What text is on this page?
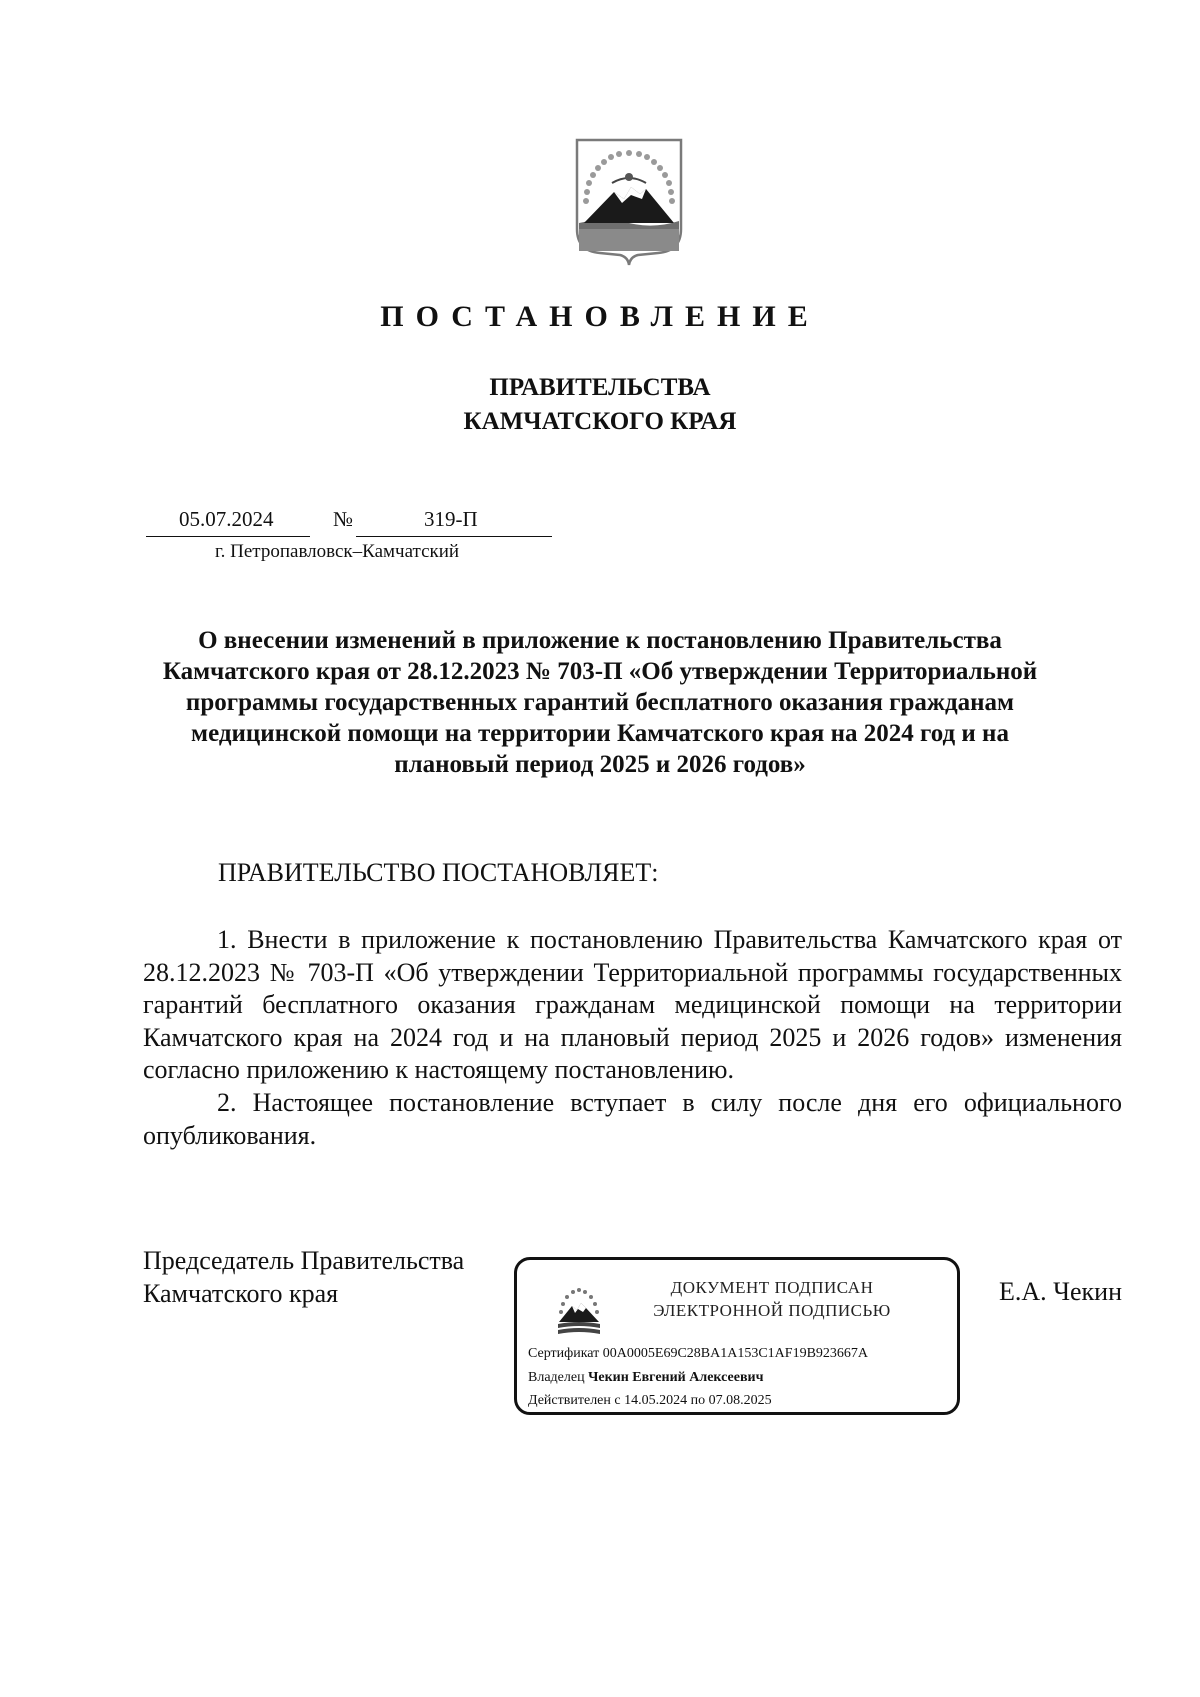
ПОСТАНОВЛЕНИЕ
ПРАВИТЕЛЬСТВА
КАМЧАТСКОГО КРАЯ
05.07.2024	№	319-П
г. Петропавловск–Камчатский

О внесении изменений в приложение к постановлению Правительства Камчатского края от 28.12.2023 № 703-П «Об утверждении Территориальной программы государственных гарантий бесплатного оказания гражданам медицинской помощи на территории Камчатского края на 2024 год и на плановый период 2025 и 2026 годов»

ПРАВИТЕЛЬСТВО ПОСТАНОВЛЯЕТ:

1. Внести в приложение к постановлению Правительства Камчатского края от 28.12.2023 № 703-П «Об утверждении Территориальной программы государственных гарантий бесплатного оказания гражданам медицинской помощи на территории Камчатского края на 2024 год и на плановый период 2025 и 2026 годов» изменения согласно приложению к настоящему постановлению.

2. Настоящее постановление вступает в силу после дня его официального опубликования.

Председатель Правительства
Камчатского края	Е.А. Чекин
ДОКУМЕНТ ПОДПИСАН
ЭЛЕКТРОННОЙ ПОДПИСЬЮ
Сертификат 00A0005E69C28BA1A153C1AF19B923667A
Владелец Чекин Евгений Алексеевич
Действителен с 14.05.2024 по 07.08.2025
